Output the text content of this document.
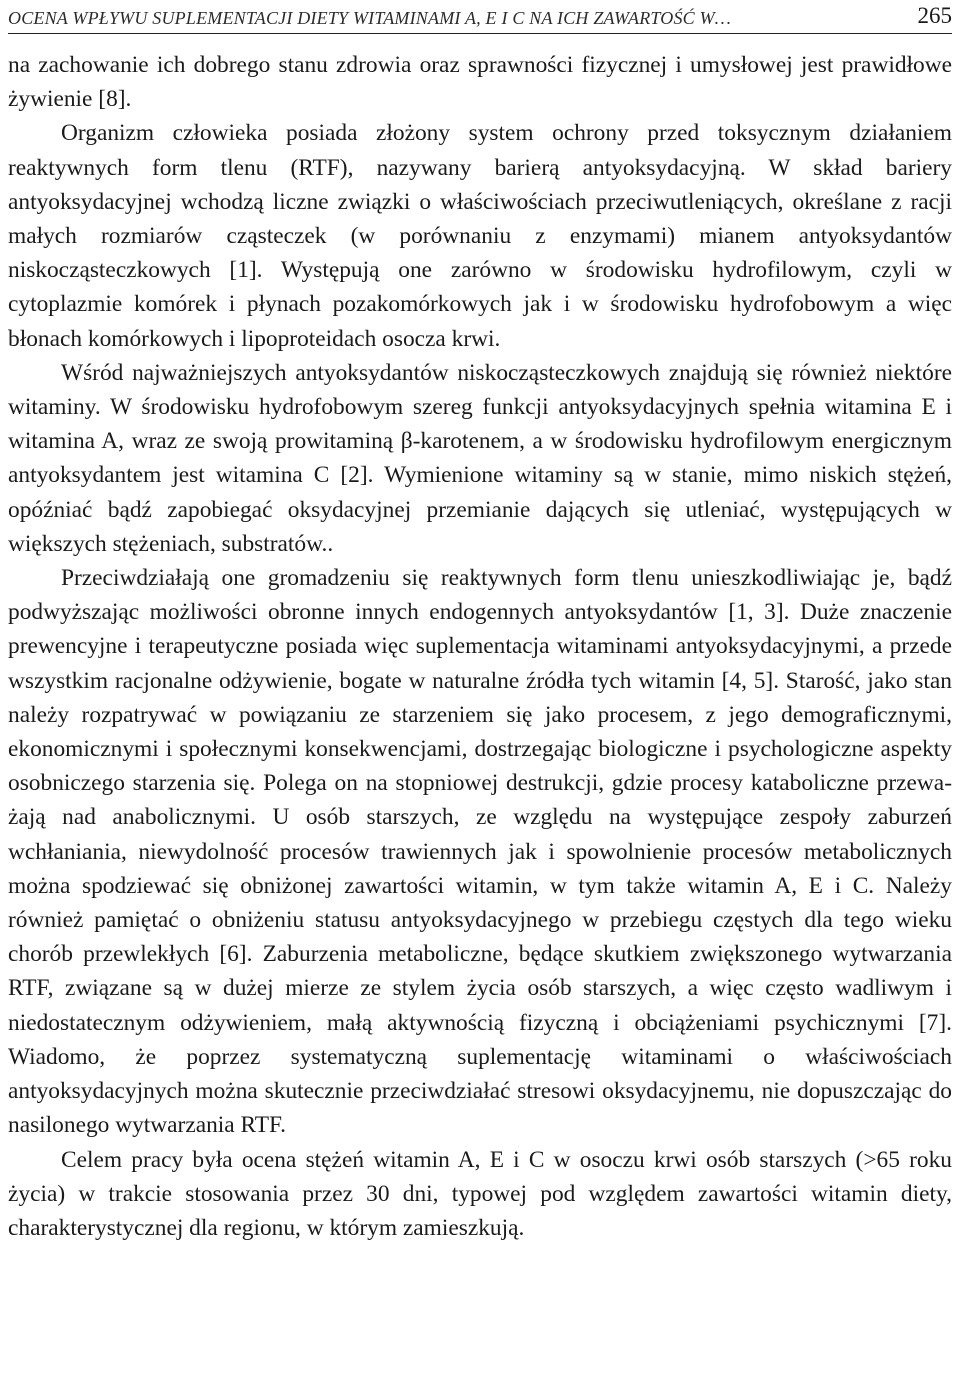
OCENA WPŁYWU SUPLEMENTACJI DIETY WITAMINAMI A, E I C NA ICH ZAWARTOŚĆ W…	265

na zachowanie ich dobrego stanu zdrowia oraz sprawności fizycznej i umysłowej jest prawidłowe żywienie [8].

Organizm człowieka posiada złożony system ochrony przed toksycznym działaniem reaktywnych form tlenu (RTF), nazywany barierą antyoksydacyjną. W skład bariery antyoksydacyjnej wchodzą liczne związki o właściwościach przeciwutleniących, określane z racji małych rozmiarów cząsteczek (w porównaniu z enzymami) mianem antyoksydantów niskocząsteczkowych [1]. Występują one zarówno w środowisku hydrofilowym, czyli w cytoplazmie komórek i płynach pozakomórkowych jak i w środowisku hydrofobowym a więc błonach komórkowych i lipoproteidach osocza krwi.

Wśród najważniejszych antyoksydantów niskocząsteczkowych znajdują się również niektóre witaminy. W środowisku hydrofobowym szereg funkcji antyoksydacyjnych spełnia witamina E i witamina A, wraz ze swoją prowitaminą β-karotenem, a w środowisku hydrofilowym energicznym antyoksydantem jest witamina C [2]. Wymienione witaminy są w stanie, mimo niskich stężeń, opóźniać bądź zapobiegać oksydacyjnej przemianie dających się utleniać, występujących w większych stężeniach, substratów..

Przeciwdziałają one gromadzeniu się reaktywnych form tlenu unieszkodliwiając je, bądź podwyższając możliwości obronne innych endogennych antyoksydantów [1, 3]. Duże znaczenie prewencyjne i terapeutyczne posiada więc suplementacja witaminami antyoksydacyjnymi, a przede wszystkim racjonalne odżywienie, bogate w naturalne źródła tych witamin [4, 5]. Starość, jako stan należy rozpatrywać w powiązaniu ze starzeniem się jako procesem, z jego demograficznymi, ekonomicznymi i społecznymi konsekwencjami, dostrzegając biologiczne i psychologiczne aspekty osobniczego starzenia się. Polega on na stopniowej destrukcji, gdzie procesy kataboliczne przeważają nad anabolicznymi. U osób starszych, ze względu na występujące zespoły zaburzeń wchłaniania, niewydolność procesów trawiennych jak i spowolnienie procesów metabolicznych można spodziewać się obniżonej zawartości witamin, w tym także witamin A, E i C. Należy również pamiętać o obniżeniu statusu antyoksydacyjnego w przebiegu częstych dla tego wieku chorób przewlekłych [6]. Zaburzenia metaboliczne, będące skutkiem zwiększonego wytwarzania RTF, związane są w dużej mierze ze stylem życia osób starszych, a więc często wadliwym i niedostatecznym odżywieniem, małą aktywnością fizyczną i obciążeniami psychicznymi [7]. Wiadomo, że poprzez systematyczną suplementację witaminami o właściwościach antyoksydacyjnych można skutecznie przeciwdziałać stresowi oksydacyjnemu, nie dopuszczając do nasilonego wytwarzania RTF.

Celem pracy była ocena stężeń witamin A, E i C w osoczu krwi osób starszych (>65 roku życia) w trakcie stosowania przez 30 dni, typowej pod względem zawartości witamin diety, charakterystycznej dla regionu, w którym zamieszkują.
